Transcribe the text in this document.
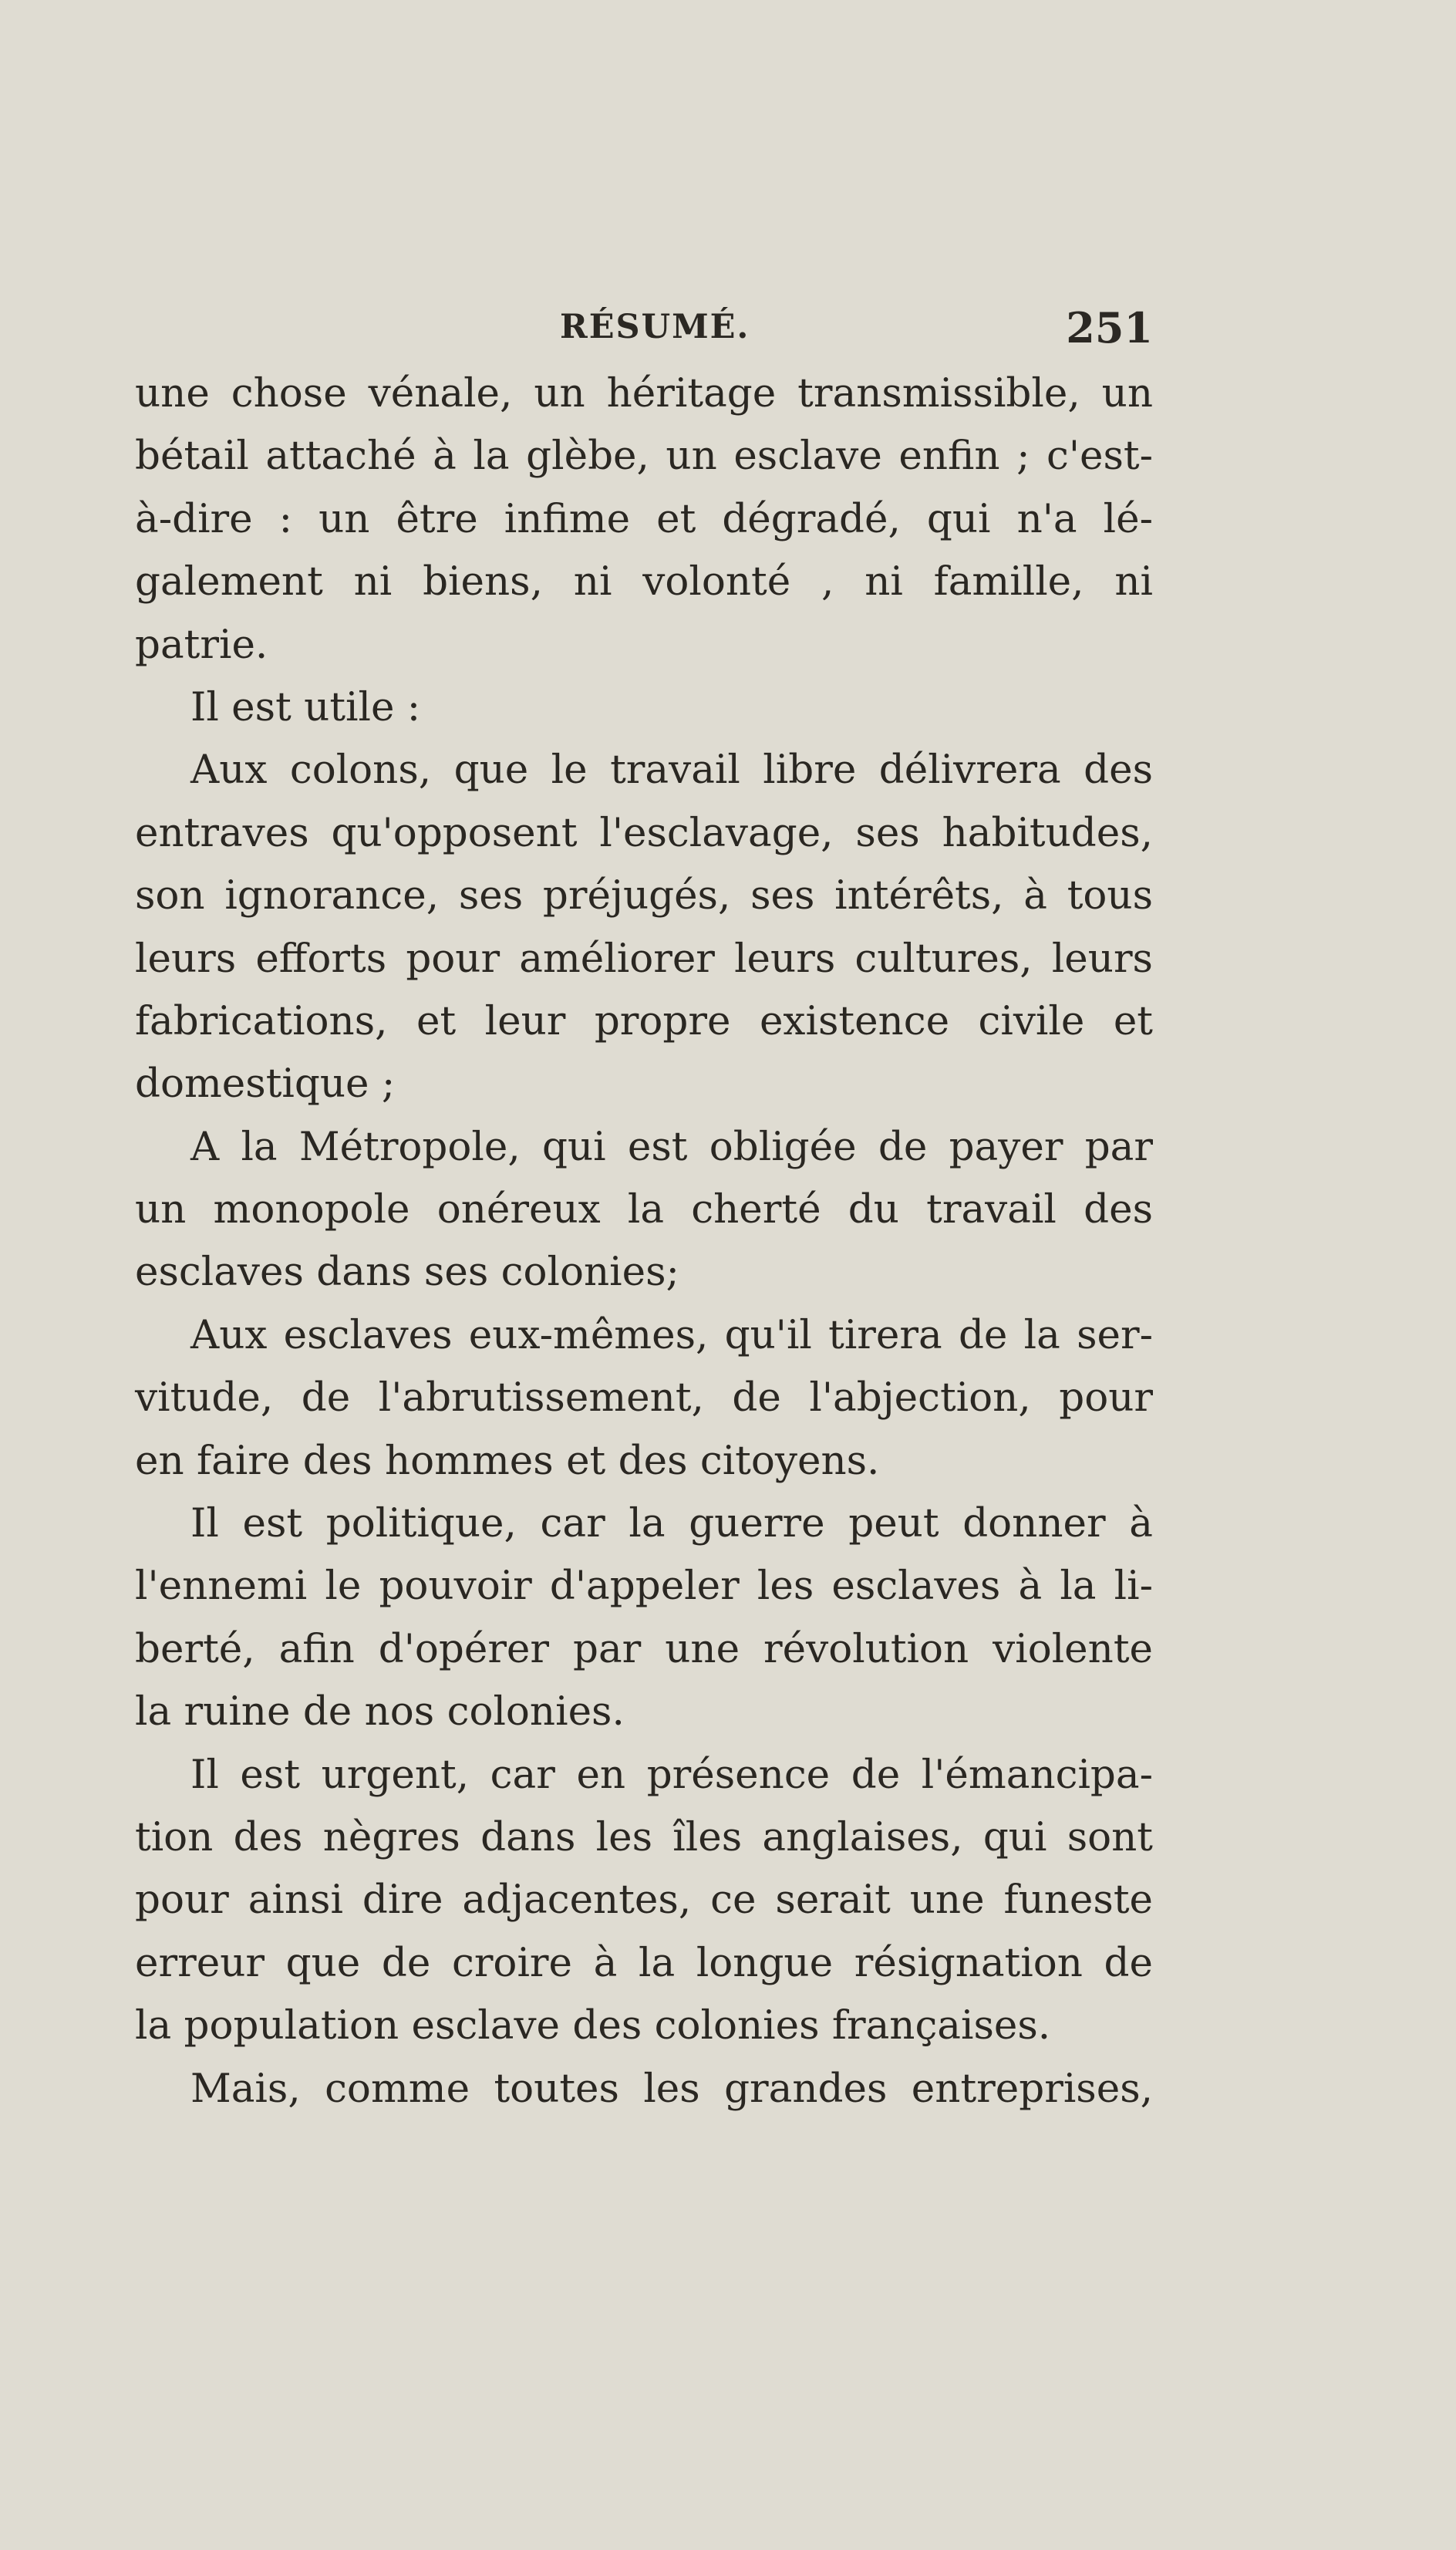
RÉSUMÉ.	251
une chose vénale, un héritage transmissible, un
bétail attaché à la glèbe, un esclave enfin ; c'est-
à-dire : un être infime et dégradé, qui n'a lé-
galement ni biens, ni volonté , ni famille, ni
patrie.
Il est utile :
Aux colons, que le travail libre délivrera des
entraves qu'opposent l'esclavage, ses habitudes,
son ignorance, ses préjugés, ses intérêts, à tous
leurs efforts pour améliorer leurs cultures, leurs
fabrications, et leur propre existence civile et
domestique ;
A la Métropole, qui est obligée de payer par
un monopole onéreux la cherté du travail des
esclaves dans ses colonies;
Aux esclaves eux-mêmes, qu'il tirera de la ser-
vitude, de l'abrutissement, de l'abjection, pour
en faire des hommes et des citoyens.
Il est politique, car la guerre peut donner à
l'ennemi le pouvoir d'appeler les esclaves à la li-
berté, afin d'opérer par une révolution violente
la ruine de nos colonies.
Il est urgent, car en présence de l'émancipa-
tion des nègres dans les îles anglaises, qui sont
pour ainsi dire adjacentes, ce serait une funeste
erreur que de croire à la longue résignation de
la population esclave des colonies françaises.
Mais, comme toutes les grandes entreprises,
